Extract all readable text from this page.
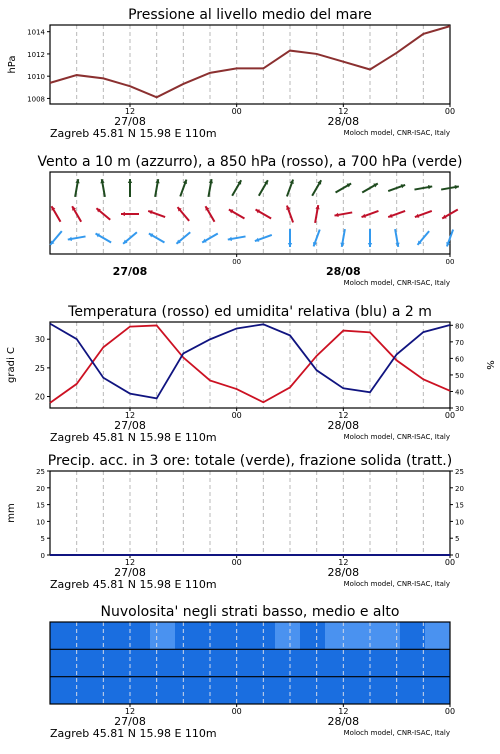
Pressione al livello medio del mare
12	00	12	00
27/08	28/08
Zagreb 45.81 N 15.98 E 110m	Moloch model, CNR-ISAC, Italy
1008
1010
1012
1014
hPa
Vento a 10 m (azzurro), a 850 hPa (rosso), a 700 hPa (verde)
00	00
27/08	28/08
Moloch model, CNR-ISAC, Italy
Temperatura (rosso) ed umidita' relativa (blu) a 2 m
12	00	12	00
27/08	28/08
Zagreb 45.81 N 15.98 E 110m	Moloch model, CNR-ISAC, Italy
20
25
30
30
40
50
60
70
80
gradi C	%
Precip. acc. in 3 ore: totale (verde), frazione solida (tratt.)
12	00	12	00
27/08	28/08
Zagreb 45.81 N 15.98 E 110m	Moloch model, CNR-ISAC, Italy
0	0
5	5
10	10
15	15
20	20
25	25
mm
Nuvolosita' negli strati basso, medio e alto
12	00	12	00
27/08	28/08
Zagreb 45.81 N 15.98 E 110m	Moloch model, CNR-ISAC, Italy
